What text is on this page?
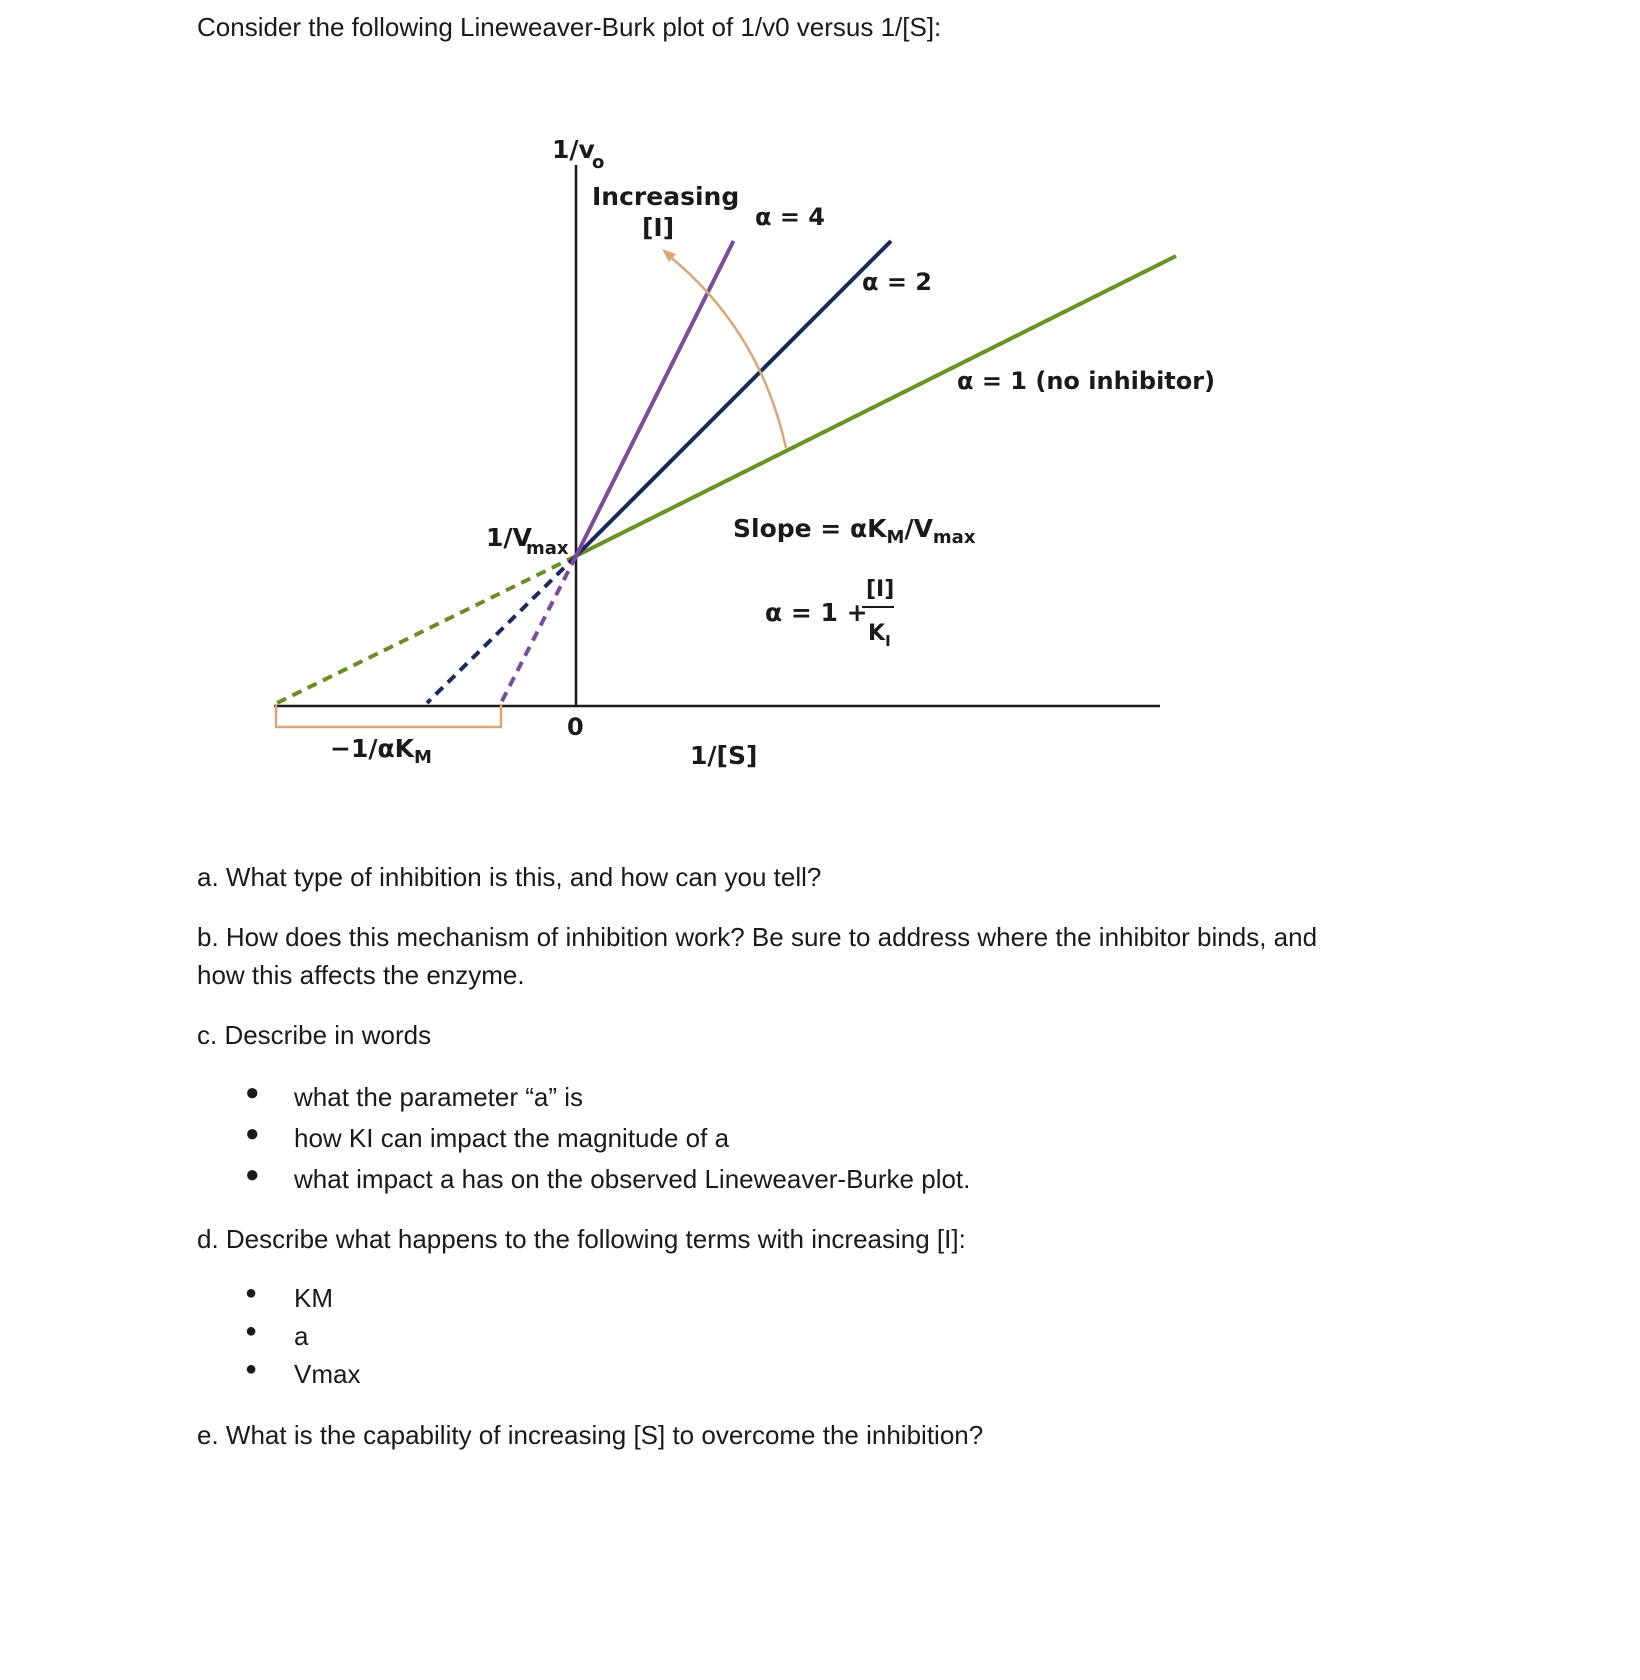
Consider the following Lineweaver-Burk plot of 1/v0 versus 1/[S]:

1/v
o
Increasing
[I]	α = 4
α = 2
α = 1 (no inhibitor)
1/V
max
Slope = $\alpha K_M/V_{max}$
α = 1 +
[I]
$K_I$
0
1/[S]
$-1/\alpha K_M$

a. What type of inhibition is this, and how can you tell?

b. How does this mechanism of inhibition work? Be sure to address where the inhibitor binds, and

how this affects the enzyme.

c. Describe in words

● what the parameter “a” is
● how KI can impact the magnitude of a
● what impact a has on the observed Lineweaver-Burke plot.

d. Describe what happens to the following terms with increasing [I]:

● KM
● a
● Vmax

e. What is the capability of increasing [S] to overcome the inhibition?
